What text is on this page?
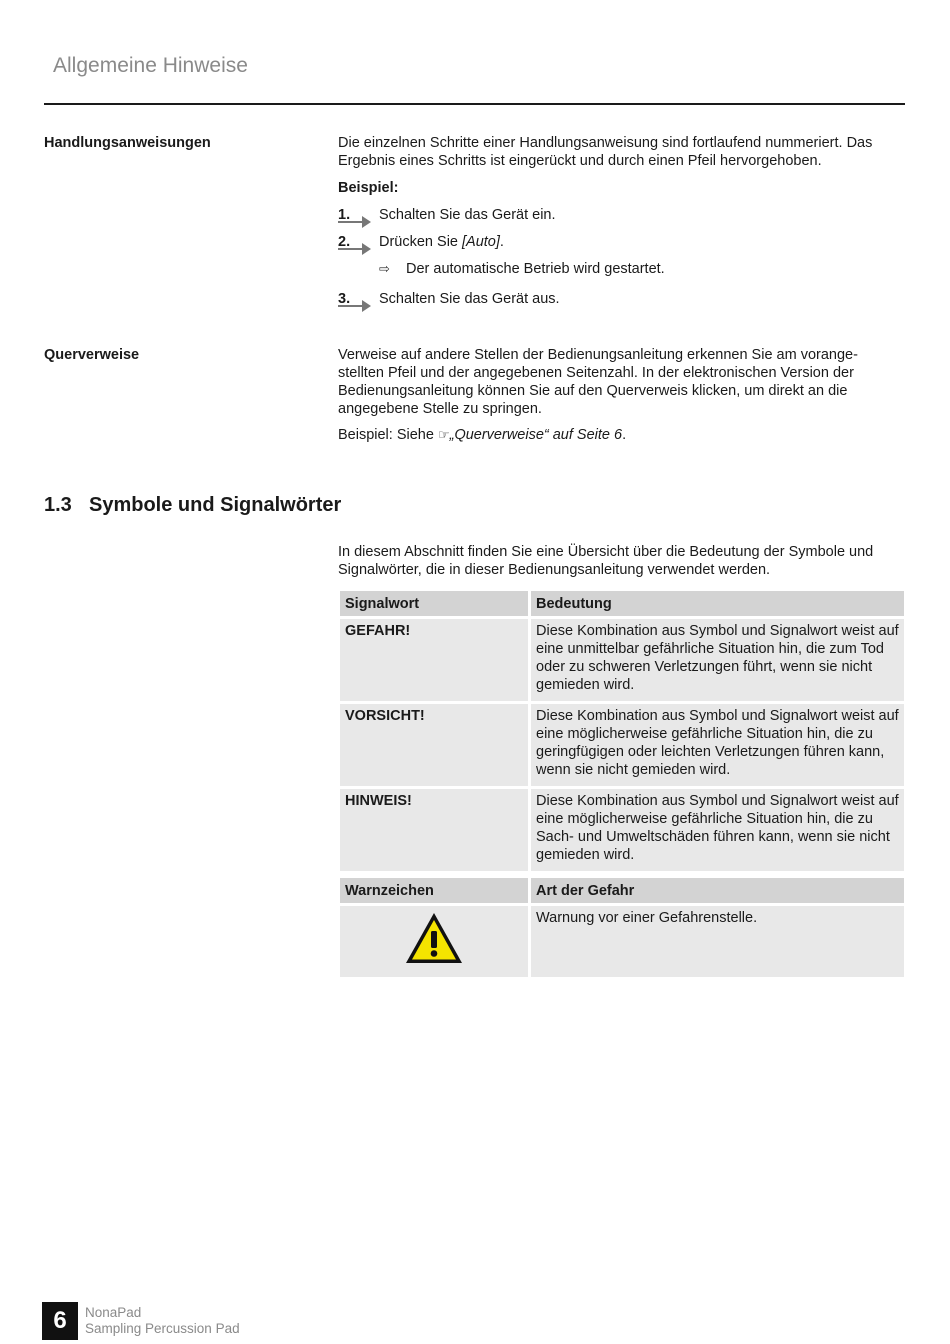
Allgemeine Hinweise
Handlungsanweisungen	Die einzelnen Schritte einer Handlungsanweisung sind fortlaufend nummeriert. Das Ergebnis eines Schritts ist eingerückt und durch einen Pfeil hervorgehoben.

Beispiel:
1. Schalten Sie das Gerät ein.
2. Drücken Sie [Auto].
⇨ Der automatische Betrieb wird gestartet.
3. Schalten Sie das Gerät aus.
Querverweise	Verweise auf andere Stellen der Bedienungsanleitung erkennen Sie am vorange-
stellten Pfeil und der angegebenen Seitenzahl. In der elektronischen Version der
Bedienungsanleitung können Sie auf den Querverweis klicken, um direkt an die
angegebene Stelle zu springen.
Beispiel: Siehe ☞„Querverweise“ auf Seite 6.
1.3 Symbole und Signalwörter

In diesem Abschnitt finden Sie eine Übersicht über die Bedeutung der Symbole und Signalwörter, die in dieser Bedienungsanleitung verwendet werden.

Signalwort	Bedeutung
GEFAHR!	Diese Kombination aus Symbol und Signalwort weist auf eine unmittelbar gefährliche Situation hin, die zum Tod oder zu schweren Verletzungen führt, wenn sie nicht gemieden wird.
VORSICHT!	Diese Kombination aus Symbol und Signalwort weist auf eine möglicherweise gefährliche Situation hin, die zu geringfügigen oder leichten Verletzungen führen kann, wenn sie nicht gemieden wird.
HINWEIS!	Diese Kombination aus Symbol und Signalwort weist auf eine möglicherweise gefährliche Situation hin, die zu Sach- und Umweltschäden führen kann, wenn sie nicht gemieden wird.
Warnzeichen	Art der Gefahr
	Warnung vor einer Gefahrenstelle.
6	NonaPad
Sampling Percussion Pad
